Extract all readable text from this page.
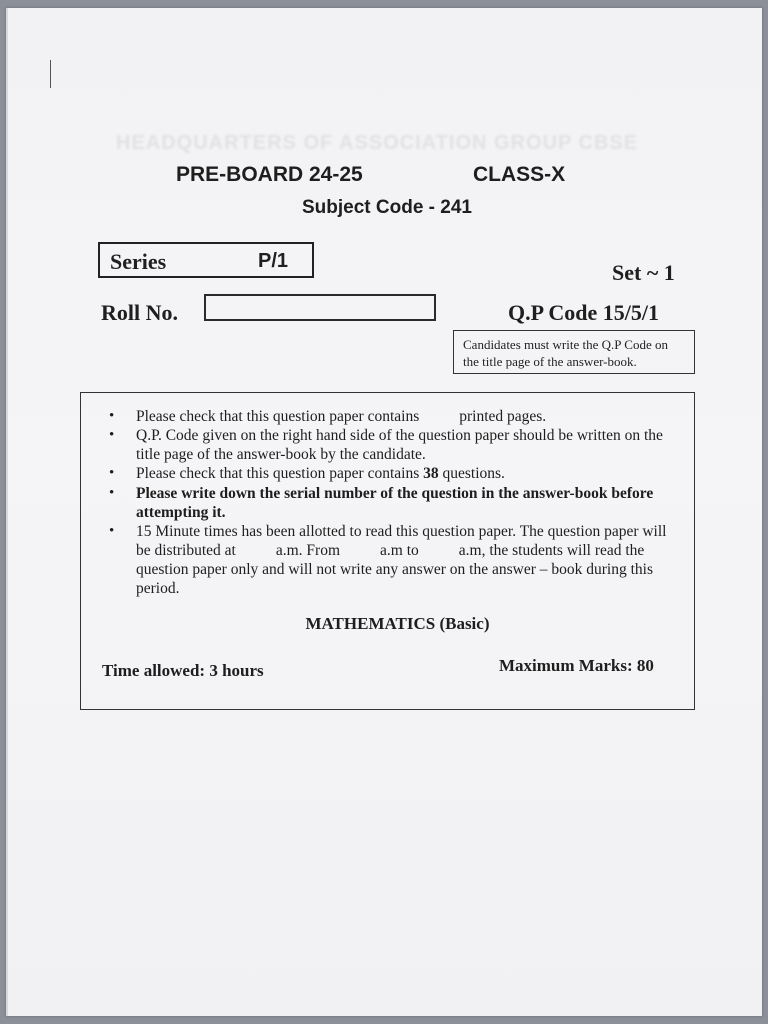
HEADQUARTERS OF ASSOCIATION GROUP CBSE
PRE-BOARD 24-25	CLASS-X
Subject Code - 241
Series	P/1	Set ~ 1
Roll No.	Q.P Code 15/5/1
Candidates must write the Q.P Code on the title page of the answer-book.
• Please check that this question paper contains	printed pages.
• Q.P. Code given on the right hand side of the question paper should be written on the title page of the answer-book by the candidate.
• Please check that this question paper contains 38 questions.
• Please write down the serial number of the question in the answer-book before attempting it.
• 15 Minute times has been allotted to read this question paper. The question paper will be distributed at	a.m. From	a.m to	a.m, the students will read the question paper only and will not write any answer on the answer – book during this period.
MATHEMATICS (Basic)
Time allowed: 3 hours	Maximum Marks: 80
